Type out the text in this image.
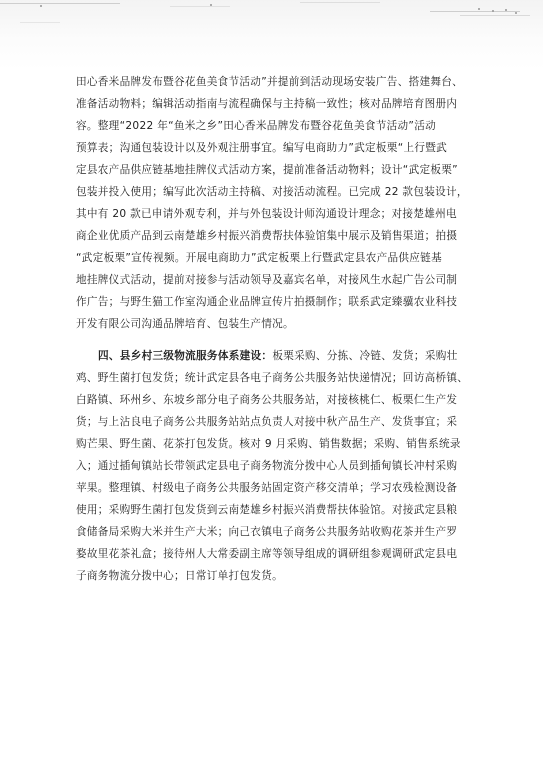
田心香米品牌发布暨谷花鱼美食节活动”并提前到活动现场安装广告、搭建舞台、
准备活动物料；编辑活动指南与流程确保与主持稿一致性；核对品牌培育图册内
容。整理“2022 年“鱼米之乡”田心香米品牌发布暨谷花鱼美食节活动”活动
预算表；沟通包装设计以及外观注册事宜。编写电商助力”武定板栗“上行暨武
定县农产品供应链基地挂牌仪式活动方案，提前准备活动物料；设计“武定板栗”
包装并投入使用；编写此次活动主持稿、对接活动流程。已完成 22 款包装设计，
其中有 20 款已申请外观专利，并与外包装设计师沟通设计理念；对接楚雄州电
商企业优质产品到云南楚雄乡村振兴消费帮扶体验馆集中展示及销售渠道；拍摄
“武定板栗”宣传视频。开展电商助力”武定板栗上行暨武定县农产品供应链基
地挂牌仪式活动，提前对接参与活动领导及嘉宾名单，对接风生水起广告公司制
作广告；与野生猫工作室沟通企业品牌宣传片拍摄制作；联系武定臻骥农业科技
开发有限公司沟通品牌培育、包装生产情况。
四、县乡村三级物流服务体系建设：板栗采购、分拣、冷链、发货；采购壮
鸡、野生菌打包发货；统计武定县各电子商务公共服务站快递情况；回访高桥镇、
白路镇、环州乡、东坡乡部分电子商务公共服务站，对接核桃仁、板栗仁生产发
货；与上沾良电子商务公共服务站站点负责人对接中秋产品生产、发货事宜；采
购芒果、野生菌、花茶打包发货。核对 9 月采购、销售数据；采购、销售系统录
入；通过插甸镇站长带领武定县电子商务物流分拨中心人员到插甸镇长冲村采购
苹果。整理镇、村级电子商务公共服务站固定资产移交清单；学习农残检测设备
使用；采购野生菌打包发货到云南楚雄乡村振兴消费帮扶体验馆。对接武定县粮
食储备局采购大米并生产大米；向己衣镇电子商务公共服务站收购花茶并生产罗
婺故里花茶礼盒；接待州人大常委副主席等领导组成的调研组参观调研武定县电
子商务物流分拨中心；日常订单打包发货。
